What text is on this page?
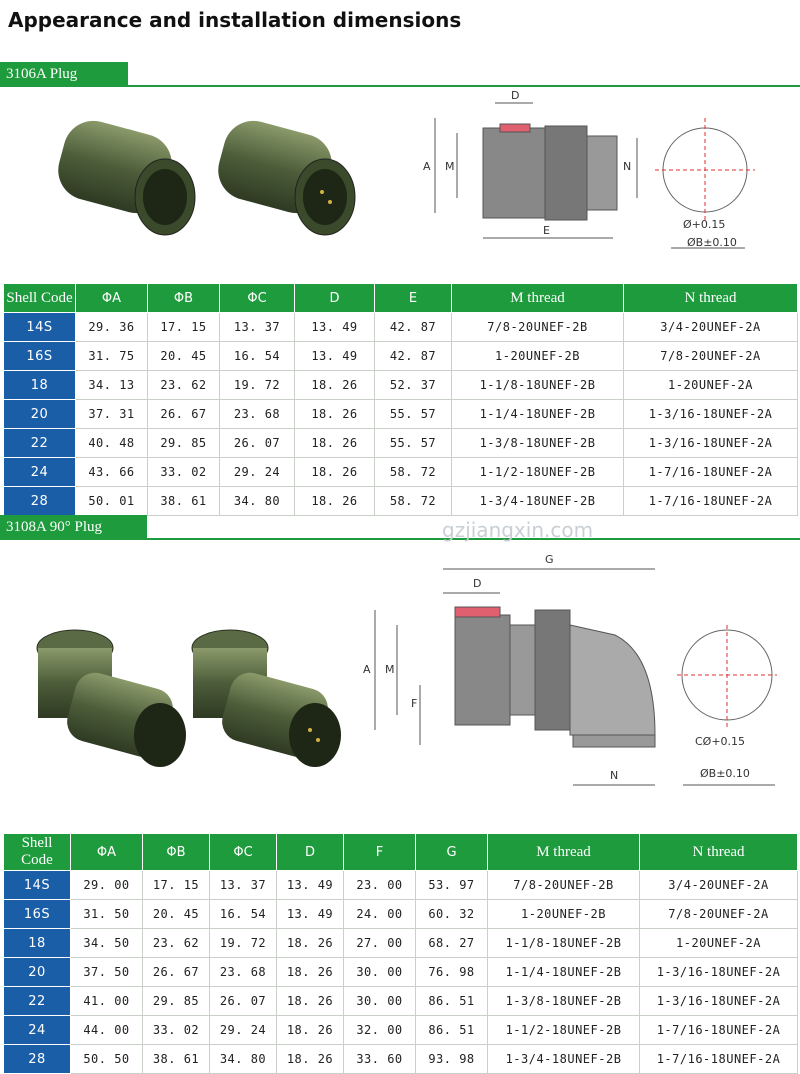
Appearance and installation dimensions
3106A Plug
D
A M	N
E	Ø+0.15
ØB±0.10
Shell Code	ΦA	ΦB	ΦC	D	E	M thread	N thread
14S	29. 36	17. 15	13. 37	13. 49	42. 87	7/8-20UNEF-2B	3/4-20UNEF-2A
16S	31. 75	20. 45	16. 54	13. 49	42. 87	1-20UNEF-2B	7/8-20UNEF-2A
18	34. 13	23. 62	19. 72	18. 26	52. 37	1-1/8-18UNEF-2B	1-20UNEF-2A
20	37. 31	26. 67	23. 68	18. 26	55. 57	1-1/4-18UNEF-2B	1-3/16-18UNEF-2A
22	40. 48	29. 85	26. 07	18. 26	55. 57	1-3/8-18UNEF-2B	1-3/16-18UNEF-2A
24	43. 66	33. 02	29. 24	18. 26	58. 72	1-1/2-18UNEF-2B	1-7/16-18UNEF-2A
28	50. 01	38. 61	34. 80	18. 26	58. 72	1-3/4-18UNEF-2B	1-7/16-18UNEF-2A
3108A 90° Plug	gzjiangxin.com
G
D
A M
F
N
CØ+0.15
ØB±0.10
Shell Code	ΦA	ΦB	ΦC	D	F	G	M thread	N thread
14S	29. 00	17. 15	13. 37	13. 49	23. 00	53. 97	7/8-20UNEF-2B	3/4-20UNEF-2A
16S	31. 50	20. 45	16. 54	13. 49	24. 00	60. 32	1-20UNEF-2B	7/8-20UNEF-2A
18	34. 50	23. 62	19. 72	18. 26	27. 00	68. 27	1-1/8-18UNEF-2B	1-20UNEF-2A
20	37. 50	26. 67	23. 68	18. 26	30. 00	76. 98	1-1/4-18UNEF-2B	1-3/16-18UNEF-2A
22	41. 00	29. 85	26. 07	18. 26	30. 00	86. 51	1-3/8-18UNEF-2B	1-3/16-18UNEF-2A
24	44. 00	33. 02	29. 24	18. 26	32. 00	86. 51	1-1/2-18UNEF-2B	1-7/16-18UNEF-2A
28	50. 50	38. 61	34. 80	18. 26	33. 60	93. 98	1-3/4-18UNEF-2B	1-7/16-18UNEF-2A
